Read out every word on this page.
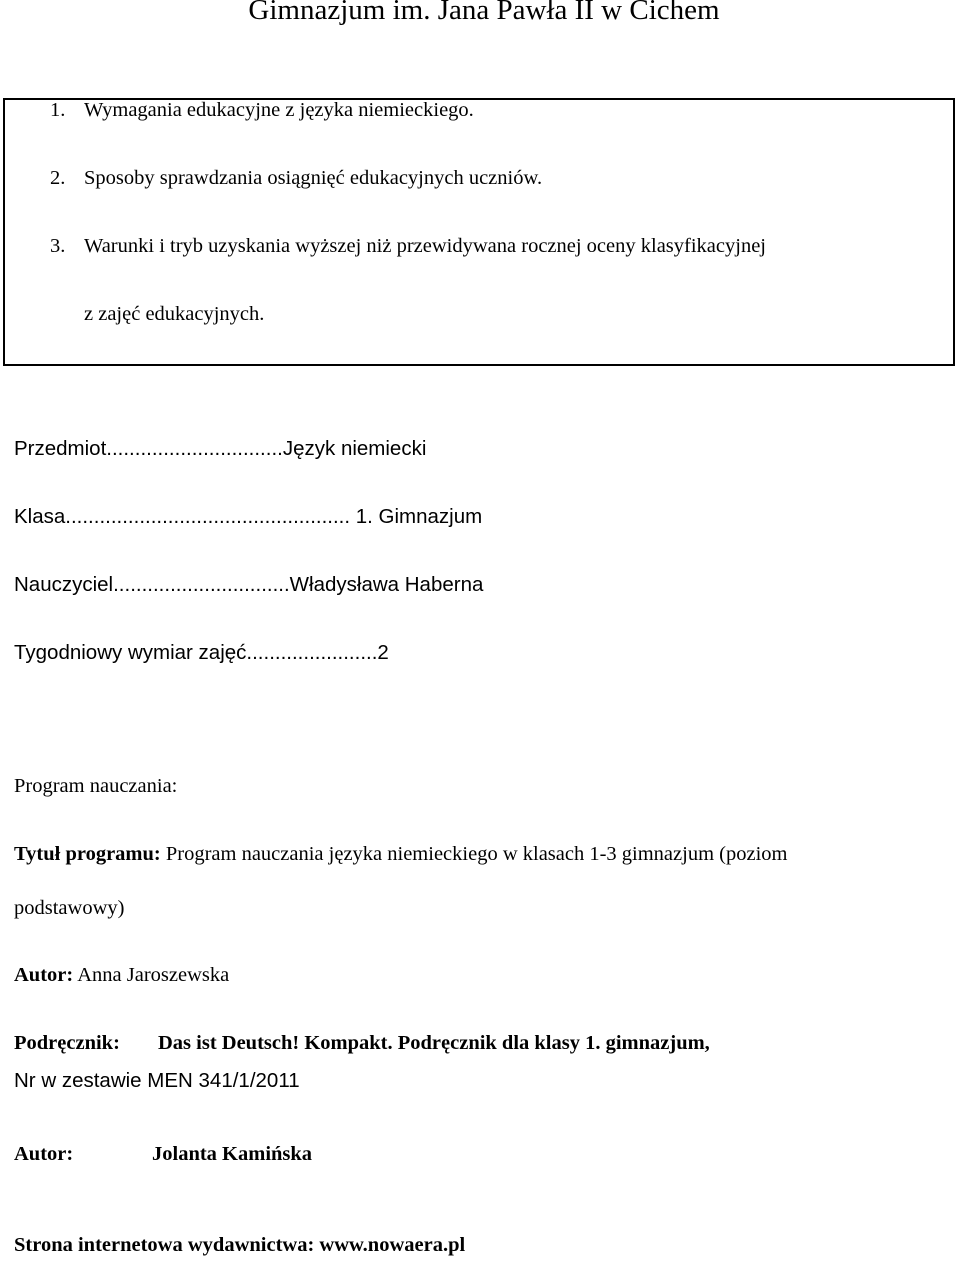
Gimnazjum im. Jana Pawła II w Cichem
1. Wymagania edukacyjne z języka niemieckiego.
2. Sposoby sprawdzania osiągnięć edukacyjnych uczniów.
3. Warunki i tryb uzyskania wyższej niż przewidywana rocznej oceny klasyfikacyjnej
z zajęć edukacyjnych.
Przedmiot...............................Język niemiecki
Klasa.................................................. 1. Gimnazjum
Nauczyciel...............................Władysława Haberna
Tygodniowy wymiar zajęć.......................2
Program nauczania:
Tytuł programu: Program nauczania języka niemieckiego w klasach 1-3 gimnazjum (poziom
podstawowy)
Autor: Anna Jaroszewska
Podręcznik: Das ist Deutsch! Kompakt. Podręcznik dla klasy 1. gimnazjum,
Nr w zestawie MEN 341/1/2011
Autor:	Jolanta Kamińska
Strona internetowa wydawnictwa: www.nowaera.pl
